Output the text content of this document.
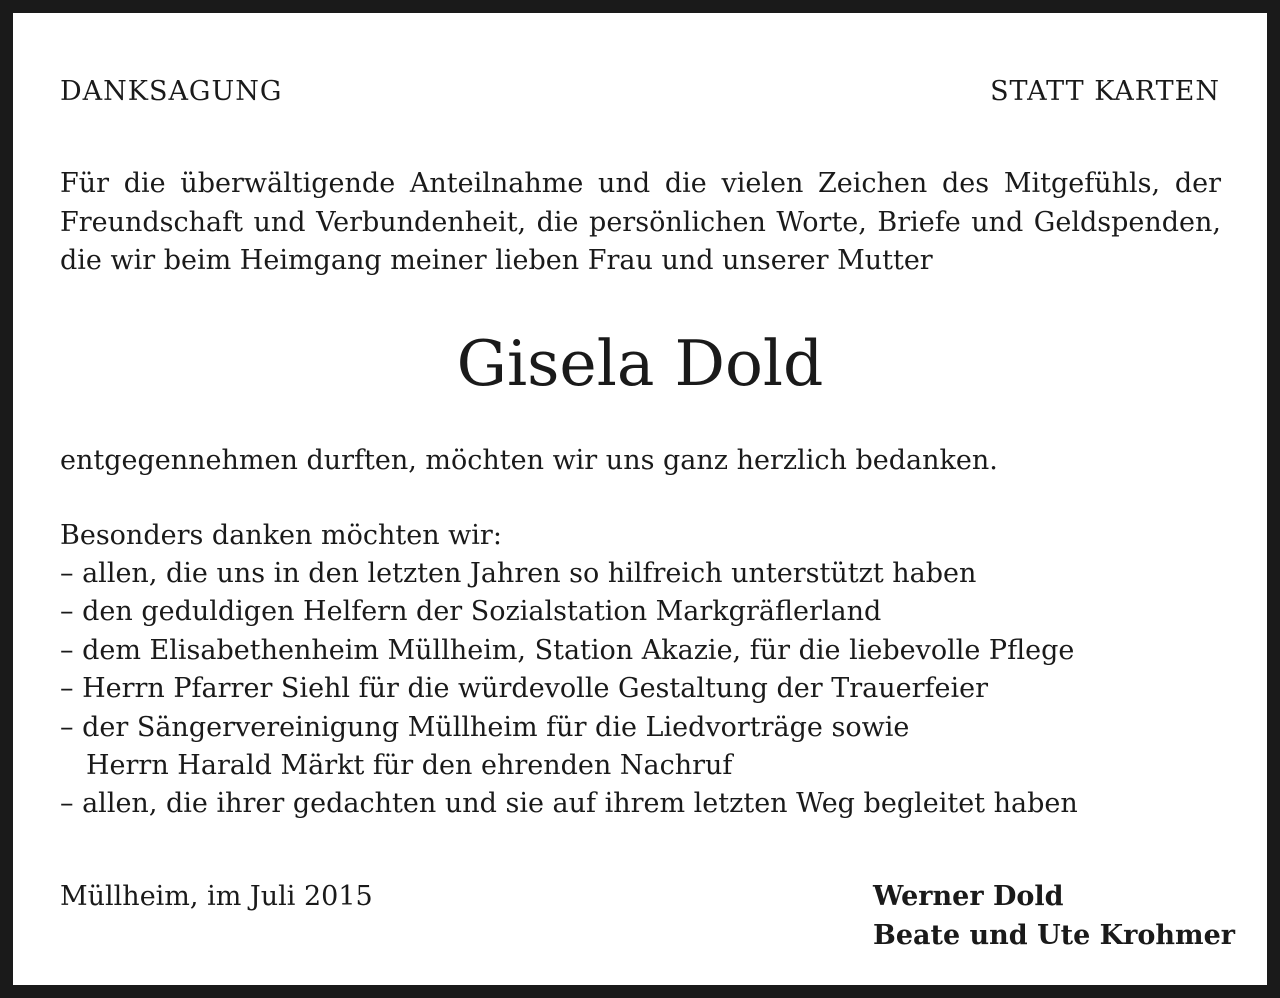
DANKSAGUNG	STATT KARTEN
Für die überwältigende Anteilnahme und die vielen Zeichen des Mitgefühls, der
Freundschaft und Verbundenheit, die persönlichen Worte, Briefe und Geldspenden,
die wir beim Heimgang meiner lieben Frau und unserer Mutter
Gisela Dold
entgegennehmen durften, möchten wir uns ganz herzlich bedanken.
Besonders danken möchten wir:
– allen, die uns in den letzten Jahren so hilfreich unterstützt haben
– den geduldigen Helfern der Sozialstation Markgräflerland
– dem Elisabethenheim Müllheim, Station Akazie, für die liebevolle Pflege
– Herrn Pfarrer Siehl für die würdevolle Gestaltung der Trauerfeier
– der Sängervereinigung Müllheim für die Liedvorträge sowie
Herrn Harald Märkt für den ehrenden Nachruf
– allen, die ihrer gedachten und sie auf ihrem letzten Weg begleitet haben
Müllheim, im Juli 2015	Werner Dold
Beate und Ute Krohmer
